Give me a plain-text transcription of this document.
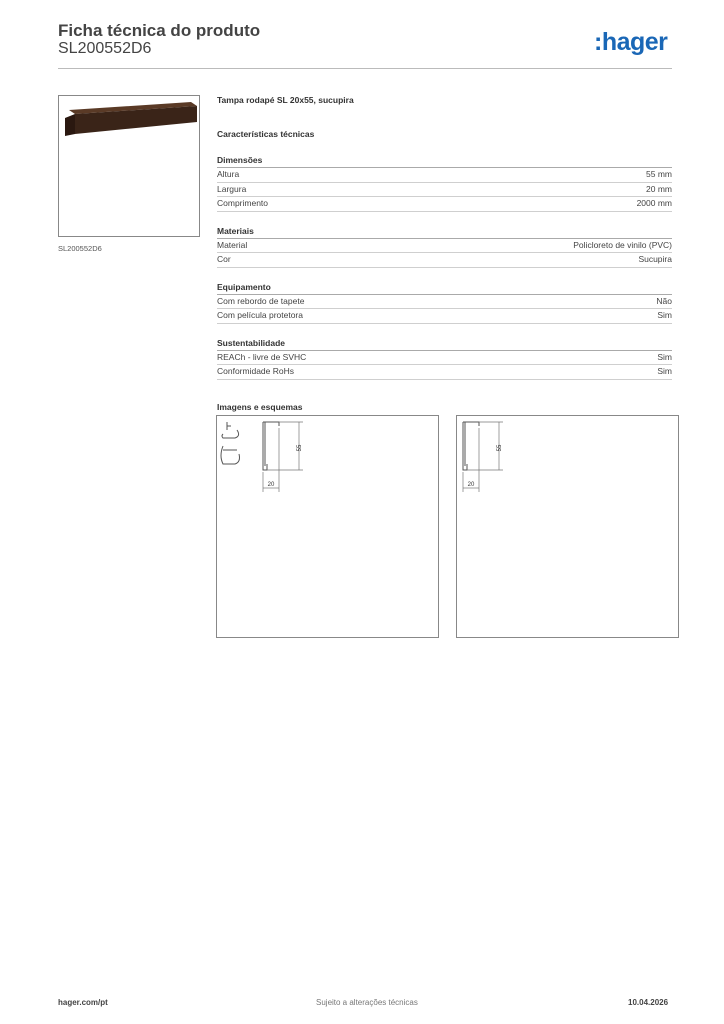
Ficha técnica do produto
SL200552D6	:hager
SL200552D6
Tampa rodapé SL 20x55, sucupira
Características técnicas
Dimensões
Altura	55 mm
Largura	20 mm
Comprimento	2000 mm
Materiais
Material	Policloreto de vinilo (PVC)
Cor	Sucupira
Equipamento
Com rebordo de tapete	Não
Com película protetora	Sim
Sustentabilidade
REACh - livre de SVHC	Sim
Conformidade RoHs	Sim
Imagens e esquemas
55
20
55
20
hager.com/pt	Sujeito a alterações técnicas	10.04.2026
